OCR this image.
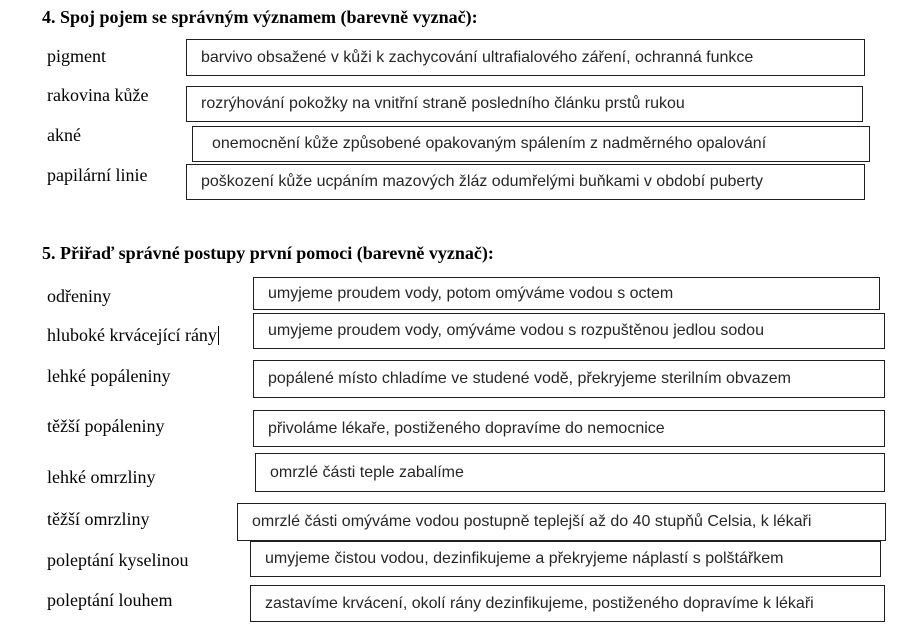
4. Spoj pojem se správným významem (barevně vyznač):
pigment
rakovina kůže
akné
papilární linie
barvivo obsažené v kůži k zachycování ultrafialového záření, ochranná funkce
rozrýhování pokožky na vnitřní straně posledního článku prstů rukou
onemocnění kůže způsobené opakovaným spálením z nadměrného opalování
poškození kůže ucpáním mazových žláz odumřelými buňkami v období puberty
5. Přiřaď správné postupy první pomoci (barevně vyznač):
odřeniny
hluboké krvácející rány
lehké popáleniny
těžší popáleniny
lehké omrzliny
těžší omrzliny
poleptání kyselinou
poleptání louhem
umyjeme proudem vody, potom omýváme vodou s octem
umyjeme proudem vody, omýváme vodou s rozpuštěnou jedlou sodou
popálené místo chladíme ve studené vodě, překryjeme sterilním obvazem
přivoláme lékaře, postiženého dopravíme do nemocnice
omrzlé části teple zabalíme
omrzlé části omýváme vodou postupně teplejší až do 40 stupňů Celsia, k lékaři
umyjeme čistou vodou, dezinfikujeme a překryjeme náplastí s polštářkem
zastavíme krvácení, okolí rány dezinfikujeme, postiženého dopravíme k lékaři
